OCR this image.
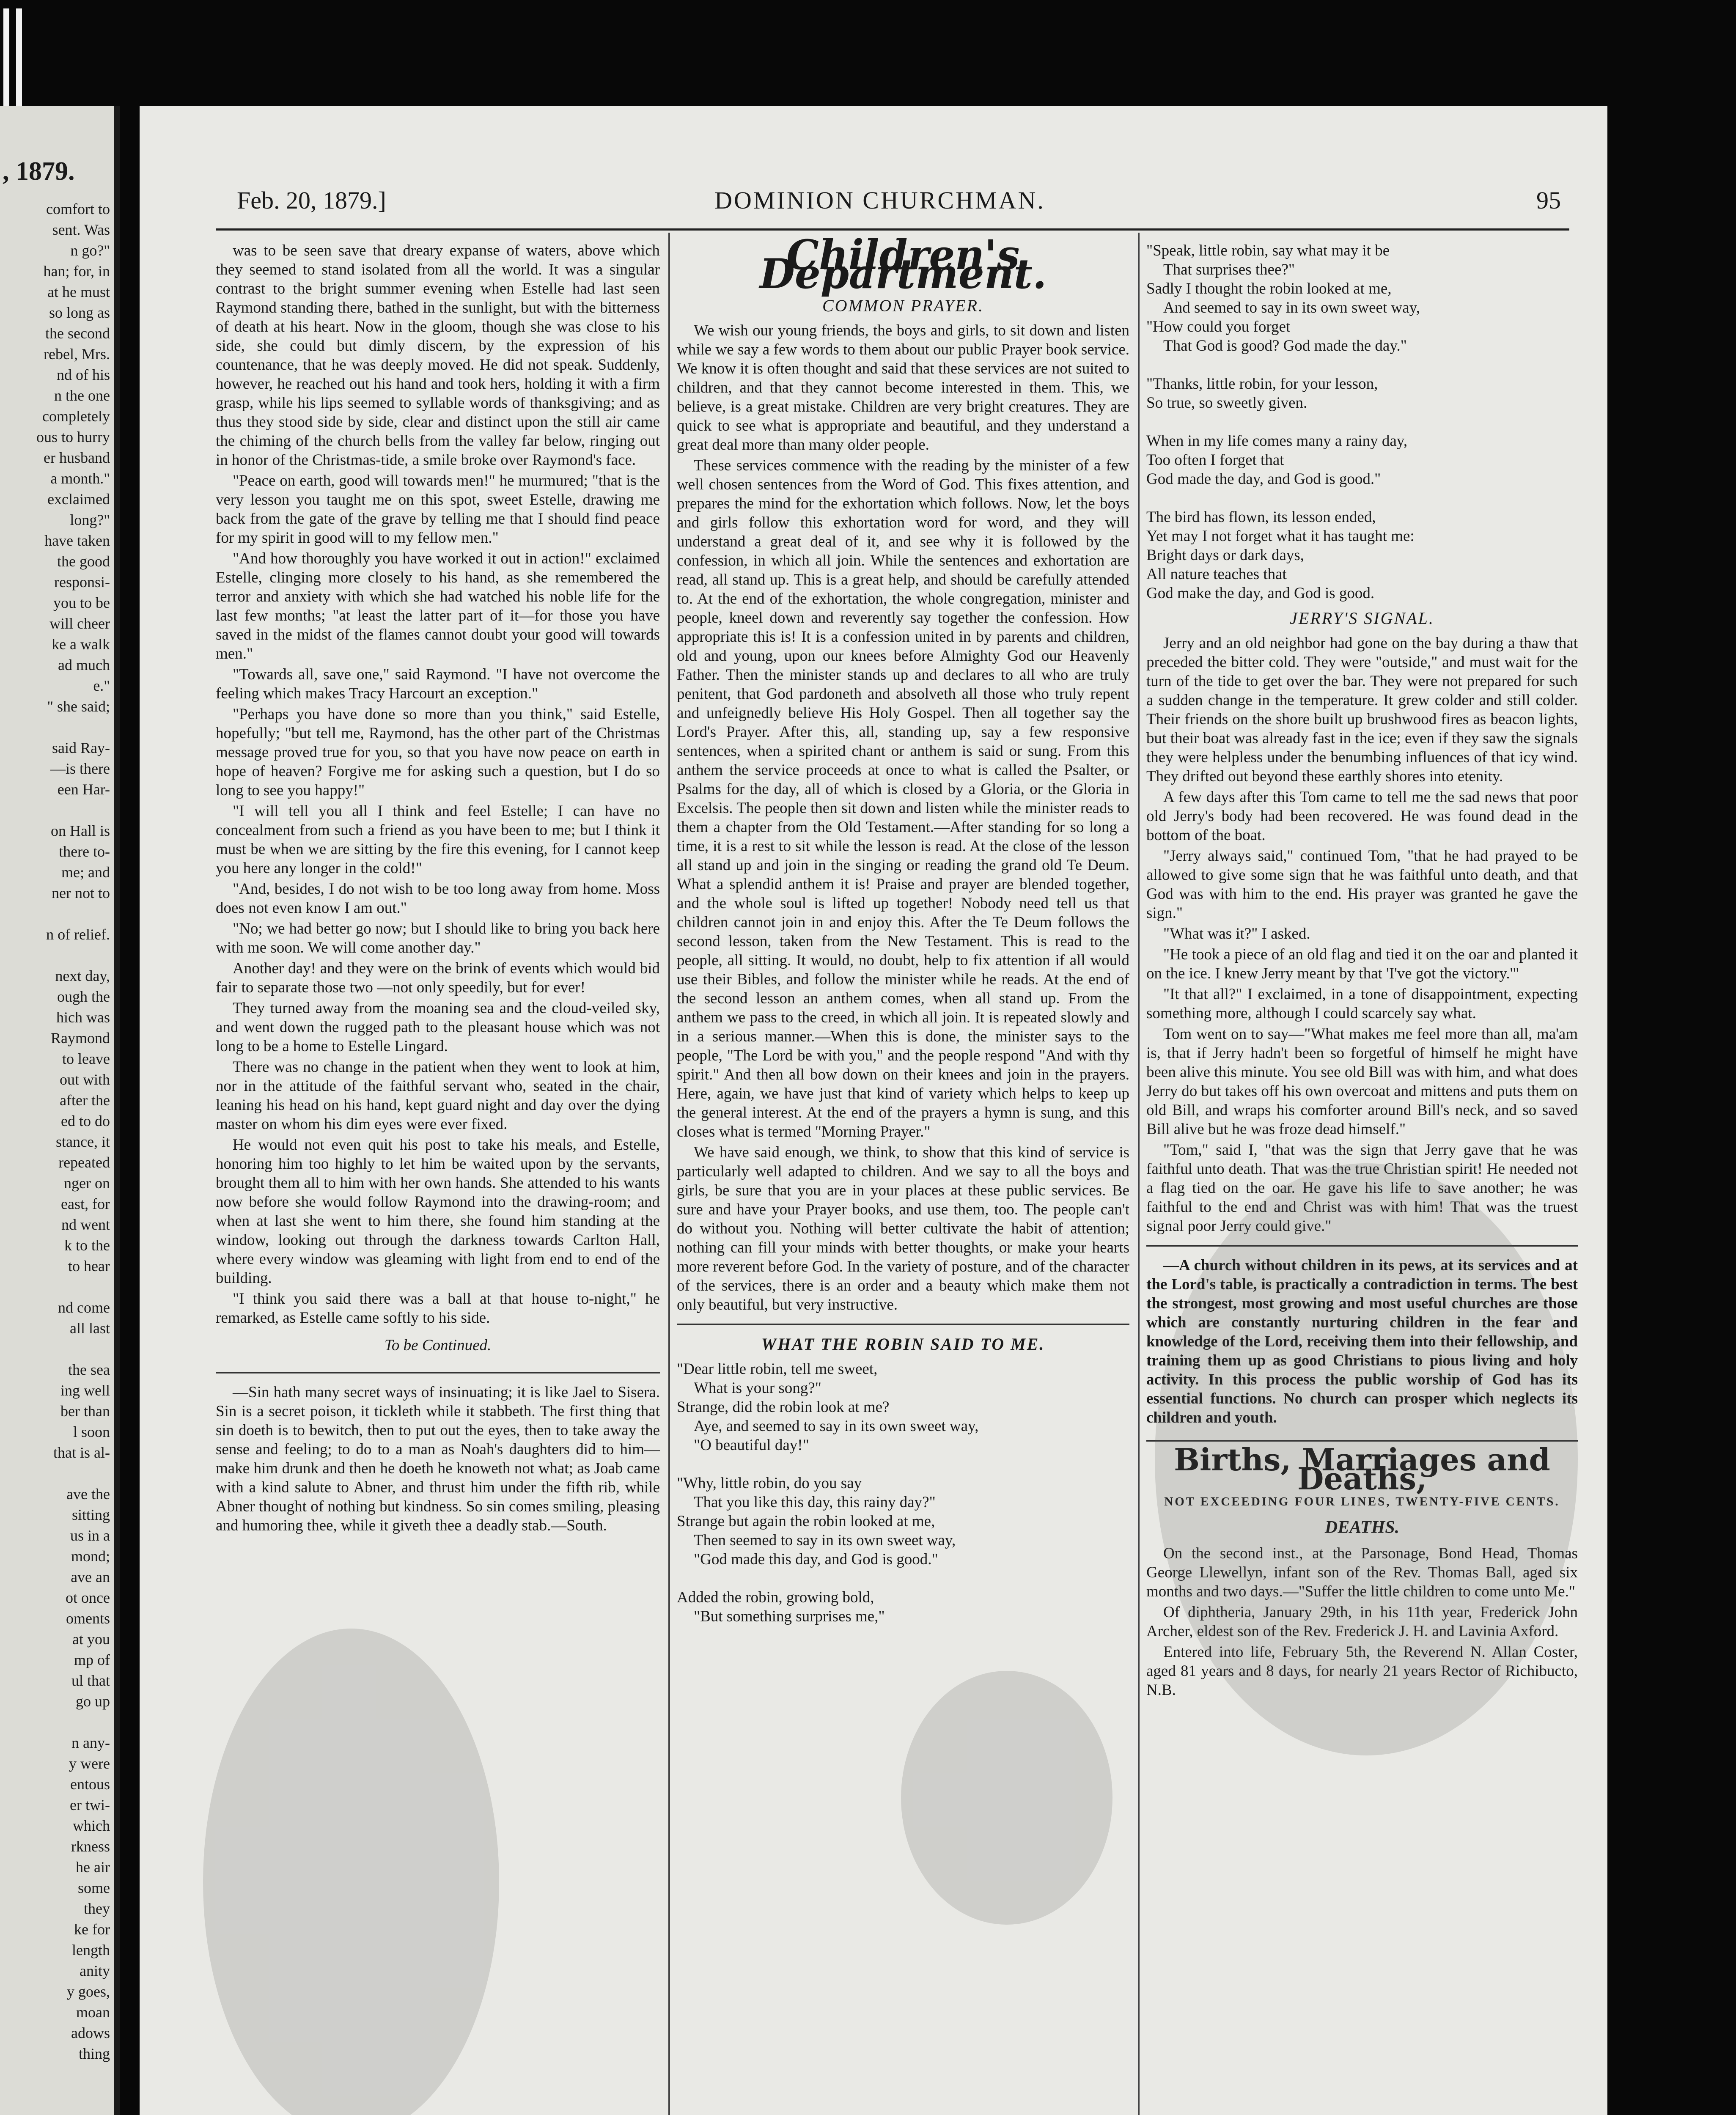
, 1879.
comfort to
sent. Was
n go?"
han; for, in
at he must
so long as
the second
rebel, Mrs.
nd of his
n the one
completely
ous to hurry
er husband
a month."
exclaimed
long?"
have taken
the good
responsi-
you to be
will cheer
ke a walk
ad much
e."
" she said;

said Ray-
—is there
een Har-

on Hall is
there to-
me; and
ner not to

n of relief.

next day,
ough the
hich was
Raymond
to leave
out with
after the
ed to do
stance, it
repeated
nger on
east, for
nd went
k to the
to hear

nd come
all last

the sea
ing well
ber than
l soon
that is al-

ave the
sitting
us in a
mond;
ave an
ot once
oments
at you
mp of
ul that
go up

n any-
y were
entous
er twi-
which
rkness
he air
some
they
ke for
length
anity
y goes,
moan
adows
thing
Feb. 20, 1879.]	DOMINION CHURCHMAN.	95

was to be seen save that dreary expanse of waters, above which they seemed to stand isolated from all the world. It was a singular contrast to the bright summer evening when Estelle had last seen Raymond standing there, bathed in the sunlight, but with the bitterness of death at his heart. Now in the gloom, though she was close to his side, she could but dimly discern, by the expression of his countenance, that he was deeply moved. He did not speak. Suddenly, however, he reached out his hand and took hers, holding it with a firm grasp, while his lips seemed to syllable words of thanksgiving; and as thus they stood side by side, clear and distinct upon the still air came the chiming of the church bells from the valley far below, ringing out in honor of the Christmas-tide, a smile broke over Raymond's face.

"Peace on earth, good will towards men!" he murmured; "that is the very lesson you taught me on this spot, sweet Estelle, drawing me back from the gate of the grave by telling me that I should find peace for my spirit in good will to my fellow men."

"And how thoroughly you have worked it out in action!" exclaimed Estelle, clinging more closely to his hand, as she remembered the terror and anxiety with which she had watched his noble life for the last few months; "at least the latter part of it—for those you have saved in the midst of the flames cannot doubt your good will towards men."

"Towards all, save one," said Raymond. "I have not overcome the feeling which makes Tracy Harcourt an exception."

"Perhaps you have done so more than you think," said Estelle, hopefully; "but tell me, Raymond, has the other part of the Christmas message proved true for you, so that you have now peace on earth in hope of heaven? Forgive me for asking such a question, but I do so long to see you happy!"

"I will tell you all I think and feel Estelle; I can have no concealment from such a friend as you have been to me; but I think it must be when we are sitting by the fire this evening, for I cannot keep you here any longer in the cold!"

"And, besides, I do not wish to be too long away from home. Moss does not even know I am out."

"No; we had better go now; but I should like to bring you back here with me soon. We will come another day."

Another day! and they were on the brink of events which would bid fair to separate those two —not only speedily, but for ever!

They turned away from the moaning sea and the cloud-veiled sky, and went down the rugged path to the pleasant house which was not long to be a home to Estelle Lingard.

There was no change in the patient when they went to look at him, nor in the attitude of the faithful servant who, seated in the chair, leaning his head on his hand, kept guard night and day over the dying master on whom his dim eyes were ever fixed.

He would not even quit his post to take his meals, and Estelle, honoring him too highly to let him be waited upon by the servants, brought them all to him with her own hands. She attended to his wants now before she would follow Raymond into the drawing-room; and when at last she went to him there, she found him standing at the window, looking out through the darkness towards Carlton Hall, where every window was gleaming with light from end to end of the building.

"I think you said there was a ball at that house to-night," he remarked, as Estelle came softly to his side.

To be Continued.

—Sin hath many secret ways of insinuating; it is like Jael to Sisera. Sin is a secret poison, it tickleth while it stabbeth. The first thing that sin doeth is to bewitch, then to put out the eyes, then to take away the sense and feeling; to do to a man as Noah's daughters did to him—make him drunk and then he doeth he knoweth not what; as Joab came with a kind salute to Abner, and thrust him under the fifth rib, while Abner thought of nothing but kindness. So sin comes smiling, pleasing and humoring thee, while it giveth thee a deadly stab.—South.

Children's Department.
COMMON PRAYER.

We wish our young friends, the boys and girls, to sit down and listen while we say a few words to them about our public Prayer book service. We know it is often thought and said that these services are not suited to children, and that they cannot become interested in them. This, we believe, is a great mistake. Children are very bright creatures. They are quick to see what is appropriate and beautiful, and they understand a great deal more than many older people.

These services commence with the reading by the minister of a few well chosen sentences from the Word of God. This fixes attention, and prepares the mind for the exhortation which follows. Now, let the boys and girls follow this exhortation word for word, and they will understand a great deal of it, and see why it is followed by the confession, in which all join. While the sentences and exhortation are read, all stand up. This is a great help, and should be carefully attended to. At the end of the exhortation, the whole congregation, minister and people, kneel down and reverently say together the confession. How appropriate this is! It is a confession united in by parents and children, old and young, upon our knees before Almighty God our Heavenly Father. Then the minister stands up and declares to all who are truly penitent, that God pardoneth and absolveth all those who truly repent and unfeignedly believe His Holy Gospel. Then all together say the Lord's Prayer. After this, all, standing up, say a few responsive sentences, when a spirited chant or anthem is said or sung. From this anthem the service proceeds at once to what is called the Psalter, or Psalms for the day, all of which is closed by a Gloria, or the Gloria in Excelsis. The people then sit down and listen while the minister reads to them a chapter from the Old Testament.—After standing for so long a time, it is a rest to sit while the lesson is read. At the close of the lesson all stand up and join in the singing or reading the grand old Te Deum. What a splendid anthem it is! Praise and prayer are blended together, and the whole soul is lifted up together! Nobody need tell us that children cannot join in and enjoy this. After the Te Deum follows the second lesson, taken from the New Testament. This is read to the people, all sitting. It would, no doubt, help to fix attention if all would use their Bibles, and follow the minister while he reads. At the end of the second lesson an anthem comes, when all stand up. From the anthem we pass to the creed, in which all join. It is repeated slowly and in a serious manner.—When this is done, the minister says to the people, "The Lord be with you," and the people respond "And with thy spirit." And then all bow down on their knees and join in the prayers. Here, again, we have just that kind of variety which helps to keep up the general interest. At the end of the prayers a hymn is sung, and this closes what is termed "Morning Prayer."

We have said enough, we think, to show that this kind of service is particularly well adapted to children. And we say to all the boys and girls, be sure that you are in your places at these public services. Be sure and have your Prayer books, and use them, too. The people can't do without you. Nothing will better cultivate the habit of attention; nothing can fill your minds with better thoughts, or make your hearts more reverent before God. In the variety of posture, and of the character of the services, there is an order and a beauty which make them not only beautiful, but very instructive.

WHAT THE ROBIN SAID TO ME.
"Dear little robin, tell me sweet,
What is your song?"
Strange, did the robin look at me?
Aye, and seemed to say in its own sweet way,
"O beautiful day!"

"Why, little robin, do you say
That you like this day, this rainy day?"
Strange but again the robin looked at me,
Then seemed to say in its own sweet way,
"God made this day, and God is good."

Added the robin, growing bold,
"But something surprises me,"
"Speak, little robin, say what may it be
That surprises thee?"
Sadly I thought the robin looked at me,
And seemed to say in its own sweet way,
"How could you forget
That God is good? God made the day."

"Thanks, little robin, for your lesson,
So true, so sweetly given.

When in my life comes many a rainy day,
Too often I forget that
God made the day, and God is good."

The bird has flown, its lesson ended,
Yet may I not forget what it has taught me:
Bright days or dark days,
All nature teaches that
God make the day, and God is good.
JERRY'S SIGNAL.

Jerry and an old neighbor had gone on the bay during a thaw that preceded the bitter cold. They were "outside," and must wait for the turn of the tide to get over the bar. They were not prepared for such a sudden change in the temperature. It grew colder and still colder. Their friends on the shore built up brushwood fires as beacon lights, but their boat was already fast in the ice; even if they saw the signals they were helpless under the benumbing influences of that icy wind. They drifted out beyond these earthly shores into etenity.

A few days after this Tom came to tell me the sad news that poor old Jerry's body had been recovered. He was found dead in the bottom of the boat.

"Jerry always said," continued Tom, "that he had prayed to be allowed to give some sign that he was faithful unto death, and that God was with him to the end. His prayer was granted he gave the sign."

"What was it?" I asked.

"He took a piece of an old flag and tied it on the oar and planted it on the ice. I knew Jerry meant by that 'I've got the victory.'"

"It that all?" I exclaimed, in a tone of disappointment, expecting something more, although I could scarcely say what.

Tom went on to say—"What makes me feel more than all, ma'am is, that if Jerry hadn't been so forgetful of himself he might have been alive this minute. You see old Bill was with him, and what does Jerry do but takes off his own overcoat and mittens and puts them on old Bill, and wraps his comforter around Bill's neck, and so saved Bill alive but he was froze dead himself."

"Tom," said I, "that was the sign that Jerry gave that he was faithful unto death. That was the true Christian spirit! He needed not a flag tied on the oar. He gave his life to save another; he was faithful to the end and Christ was with him! That was the truest signal poor Jerry could give."

—A church without children in its pews, at its services and at the Lord's table, is practically a contradiction in terms. The best the strongest, most growing and most useful churches are those which are constantly nurturing children in the fear and knowledge of the Lord, receiving them into their fellowship, and training them up as good Christians to pious living and holy activity. In this process the public worship of God has its essential functions. No church can prosper which neglects its children and youth.

Births, Marriages and Deaths,
NOT EXCEEDING FOUR LINES, TWENTY-FIVE CENTS.
DEATHS.

On the second inst., at the Parsonage, Bond Head, Thomas George Llewellyn, infant son of the Rev. Thomas Ball, aged six months and two days.—"Suffer the little children to come unto Me."

Of diphtheria, January 29th, in his 11th year, Frederick John Archer, eldest son of the Rev. Frederick J. H. and Lavinia Axford.

Entered into life, February 5th, the Reverend N. Allan Coster, aged 81 years and 8 days, for nearly 21 years Rector of Richibucto, N.B.
